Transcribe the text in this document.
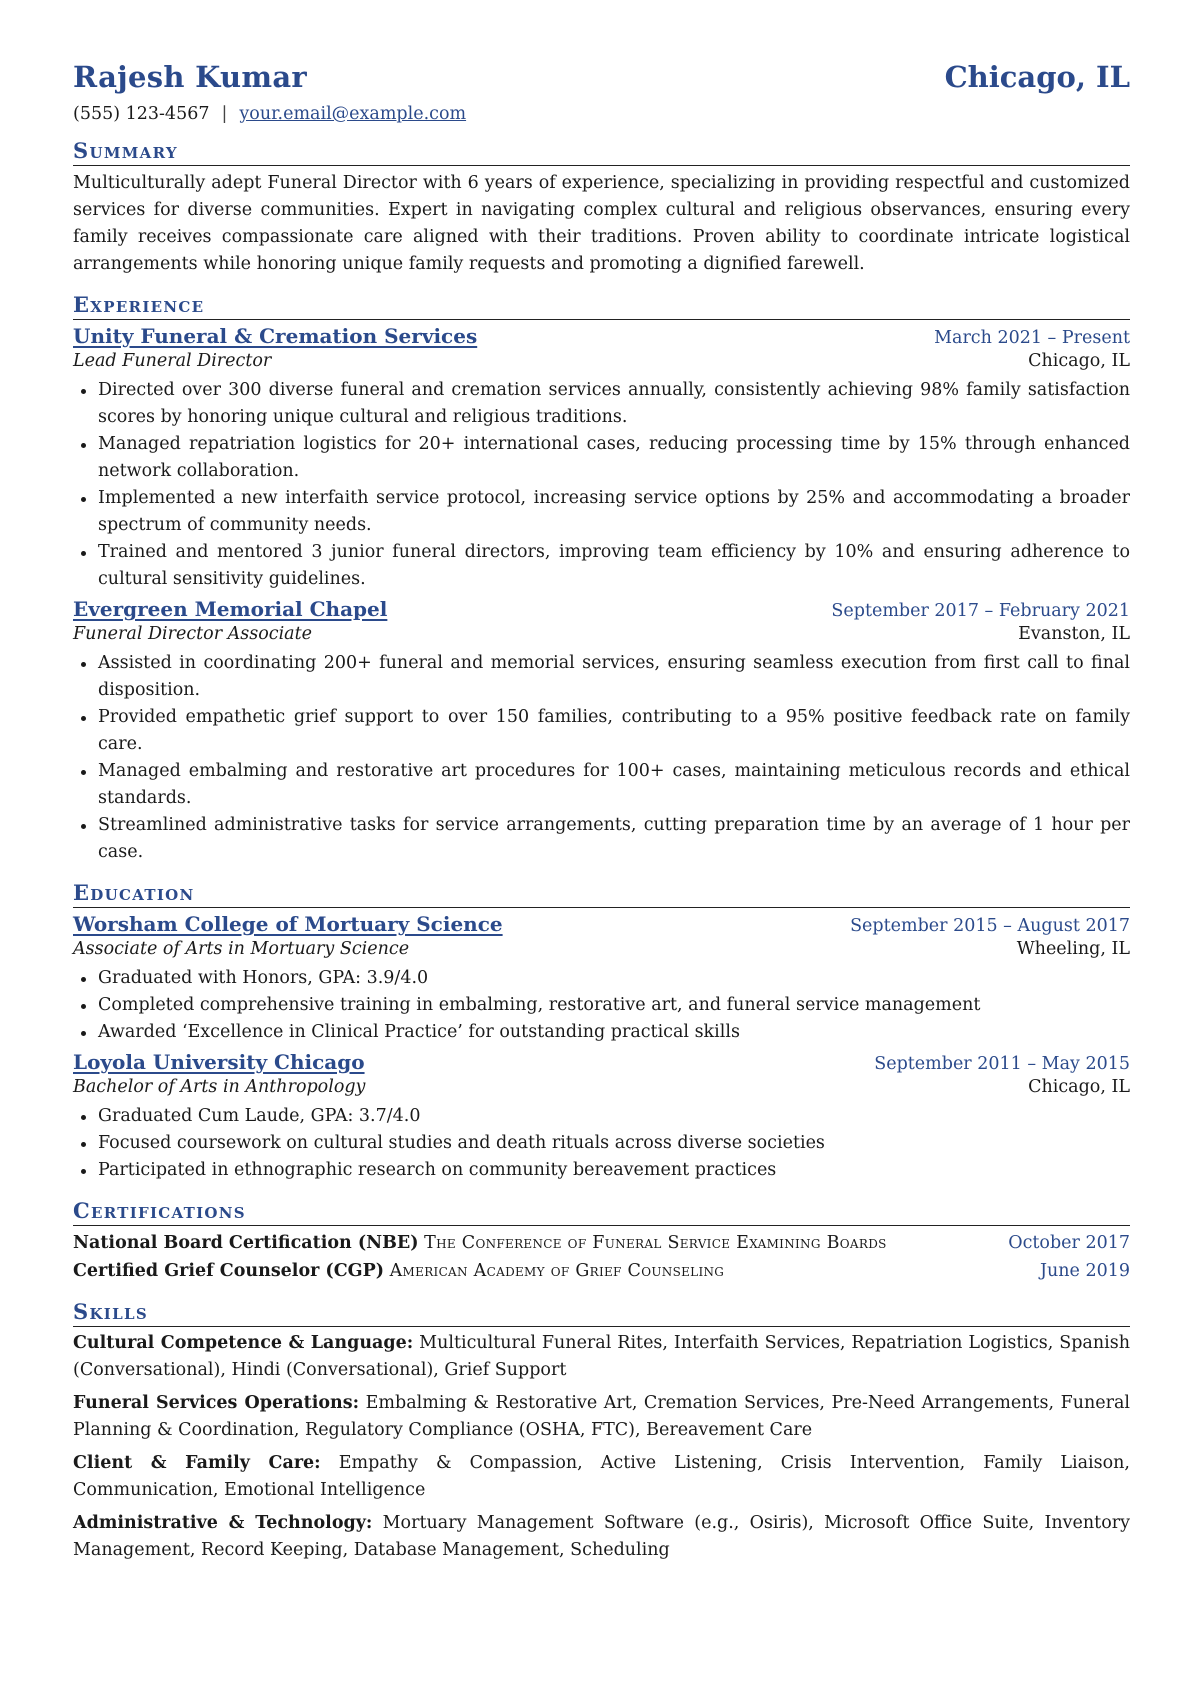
Rajesh Kumar	Chicago, IL
(555) 123-4567 | your.email@example.com
Summary
Multiculturally adept Funeral Director with 6 years of experience, specializing in providing respectful and customized services for diverse communities. Expert in navigating complex cultural and religious observances, ensuring every family receives compassionate care aligned with their traditions. Proven ability to coordinate intricate logistical arrangements while honoring unique family requests and promoting a dignified farewell.
Experience
Unity Funeral & Cremation Services	March 2021 – Present
Lead Funeral Director	Chicago, IL
Directed over 300 diverse funeral and cremation services annually, consistently achieving 98% family satisfaction scores by honoring unique cultural and religious traditions.
Managed repatriation logistics for 20+ international cases, reducing processing time by 15% through enhanced network collaboration.
Implemented a new interfaith service protocol, increasing service options by 25% and accommodating a broader spectrum of community needs.
Trained and mentored 3 junior funeral directors, improving team efficiency by 10% and ensuring adherence to cultural sensitivity guidelines.
Evergreen Memorial Chapel	September 2017 – February 2021
Funeral Director Associate	Evanston, IL
Assisted in coordinating 200+ funeral and memorial services, ensuring seamless execution from first call to final disposition.
Provided empathetic grief support to over 150 families, contributing to a 95% positive feedback rate on family care.
Managed embalming and restorative art procedures for 100+ cases, maintaining meticulous records and ethical standards.
Streamlined administrative tasks for service arrangements, cutting preparation time by an average of 1 hour per case.
Education
Worsham College of Mortuary Science	September 2015 – August 2017
Associate of Arts in Mortuary Science	Wheeling, IL
Graduated with Honors, GPA: 3.9/4.0
Completed comprehensive training in embalming, restorative art, and funeral service management
Awarded ‘Excellence in Clinical Practice’ for outstanding practical skills
Loyola University Chicago	September 2011 – May 2015
Bachelor of Arts in Anthropology	Chicago, IL
Graduated Cum Laude, GPA: 3.7/4.0
Focused coursework on cultural studies and death rituals across diverse societies
Participated in ethnographic research on community bereavement practices
Certifications
National Board Certification (NBE) The Conference of Funeral Service Examining Boards	October 2017
Certified Grief Counselor (CGP) American Academy of Grief Counseling	June 2019
Skills
Cultural Competence & Language: Multicultural Funeral Rites, Interfaith Services, Repatriation Logistics, Spanish (Conversational), Hindi (Conversational), Grief Support
Funeral Services Operations: Embalming & Restorative Art, Cremation Services, Pre-Need Arrangements, Funeral Planning & Coordination, Regulatory Compliance (OSHA, FTC), Bereavement Care
Client & Family Care: Empathy & Compassion, Active Listening, Crisis Intervention, Family Liaison, Communication, Emotional Intelligence
Administrative & Technology: Mortuary Management Software (e.g., Osiris), Microsoft Office Suite, Inventory Management, Record Keeping, Database Management, Scheduling
